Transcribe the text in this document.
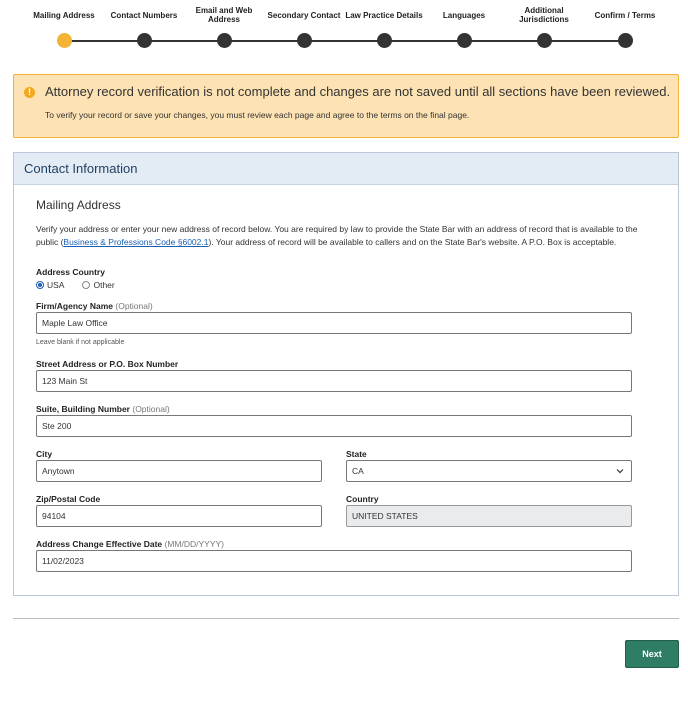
Mailing Address	Contact Numbers	Email and Web Address	Secondary Contact Law Practice Details	Languages	Additional Jurisdictions	Confirm / Terms
!	Attorney record verification is not complete and changes are not saved until all sections have been reviewed.
To verify your record or save your changes, you must review each page and agree to the terms on the final page.
Contact Information
Mailing Address
Verify your address or enter your new address of record below. You are required by law to provide the State Bar with an address of record that is available to the public (Business & Professions Code §6002.1). Your address of record will be available to callers and on the State Bar's website. A P.O. Box is acceptable.
Address Country
USA	Other
Firm/Agency Name (Optional)
Maple Law Office
Leave blank if not applicable
Street Address or P.O. Box Number
123 Main St
Suite, Building Number (Optional)
Ste 200
City
Anytown
State
CA
Zip/Postal Code
94104
Country
UNITED STATES
Address Change Effective Date (MM/DD/YYYY)
11/02/2023
Next
